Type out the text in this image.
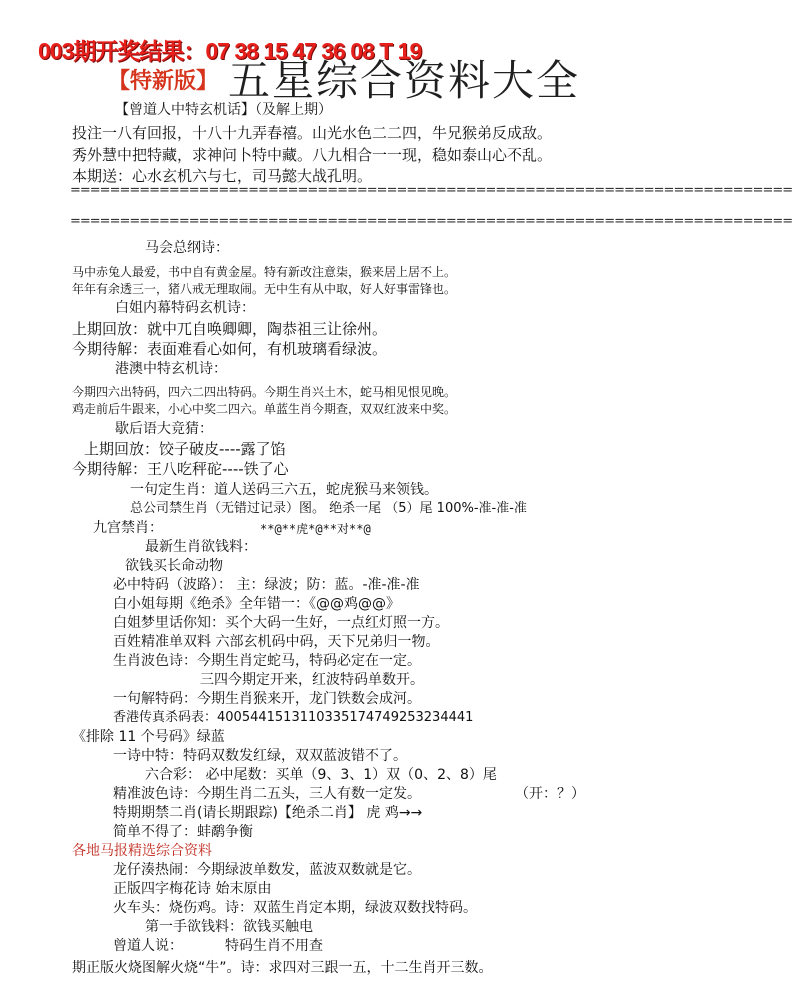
003期开奖结果：07 38 15 47 36 08 T 19
【特新版】 五星综合资料大全
【曾道人中特玄机话】（及解上期）
投注一八有回报，十八十九弄春禧。山光水色二二四，牛兄猴弟反成敌。
秀外慧中把特藏，求神问卜特中藏。八九相合一一现，稳如泰山心不乱。
本期送：心水玄机六与七，司马懿大战孔明。
=========================================================================
=========================================================================
马会总纲诗：
马中赤兔人最爱，书中自有黄金屋。特有新改注意柒，猴来居上居不上。
年年有余透三一，猪八戒无理取闹。无中生有从中取，好人好事雷锋也。
白姐内幕特码玄机诗：
上期回放：就中兀自唤卿卿，陶恭祖三让徐州。
今期待解：表面难看心如何，有机玻璃看绿波。
港澳中特玄机诗：
今期四六出特码，四六二四出特码。今期生肖兴土木，蛇马相见恨见晚。
鸡走前后牛跟来，小心中奖二四六。单蓝生肖今期查，双双红波来中奖。
歇后语大竞猜：
上期回放：饺子破皮----露了馅
今期待解：王八吃秤砣----铁了心
一句定生肖：道人送码三六五，蛇虎猴马来领钱。
总公司禁生肖（无错过记录）图。 绝杀一尾 （5）尾 100%-准-准-准
九宫禁肖：	**@**虎*@**对**@
最新生肖欲钱料：
欲钱买长命动物
必中特码（波路）： 主：绿波；防：蓝。-准-准-准
白小姐每期《绝杀》全年错一：《@@鸡@@》
白姐梦里话你知：买个大码一生好，一点红灯照一方。
百姓精准单双料 六部玄机码中码，天下兄弟归一物。
生肖波色诗：今期生肖定蛇马，特码必定在一定。
三四今期定开来，红波特码单数开。
一句解特码：今期生肖猴来开，龙门铁数会成河。
香港传真杀码表：4005441513110335174749253234441
《排除 11 个号码》绿蓝
一诗中特：特码双数发红绿，双双蓝波错不了。
六合彩： 必中尾数：买单（9、3、1）双（0、2、8）尾
精准波色诗：今期生肖二五头，三人有数一定发。	（开：？）
特期期禁二肖(请长期跟踪)【绝杀二肖】 虎 鸡→→
简单不得了：蚌鹬争衡
各地马报精选综合资料
龙仔湊热闹：今期绿波单数发，蓝波双数就是它。
正版四字梅花诗 始末原由
火车头：烧伤鸡。诗：双蓝生肖定本期，绿波双数找特码。
第一手欲钱料：欲钱买触电
曾道人说：	特码生肖不用查
期正版火烧图解火烧“牛”。诗：求四对三跟一五，十二生肖开三数。
